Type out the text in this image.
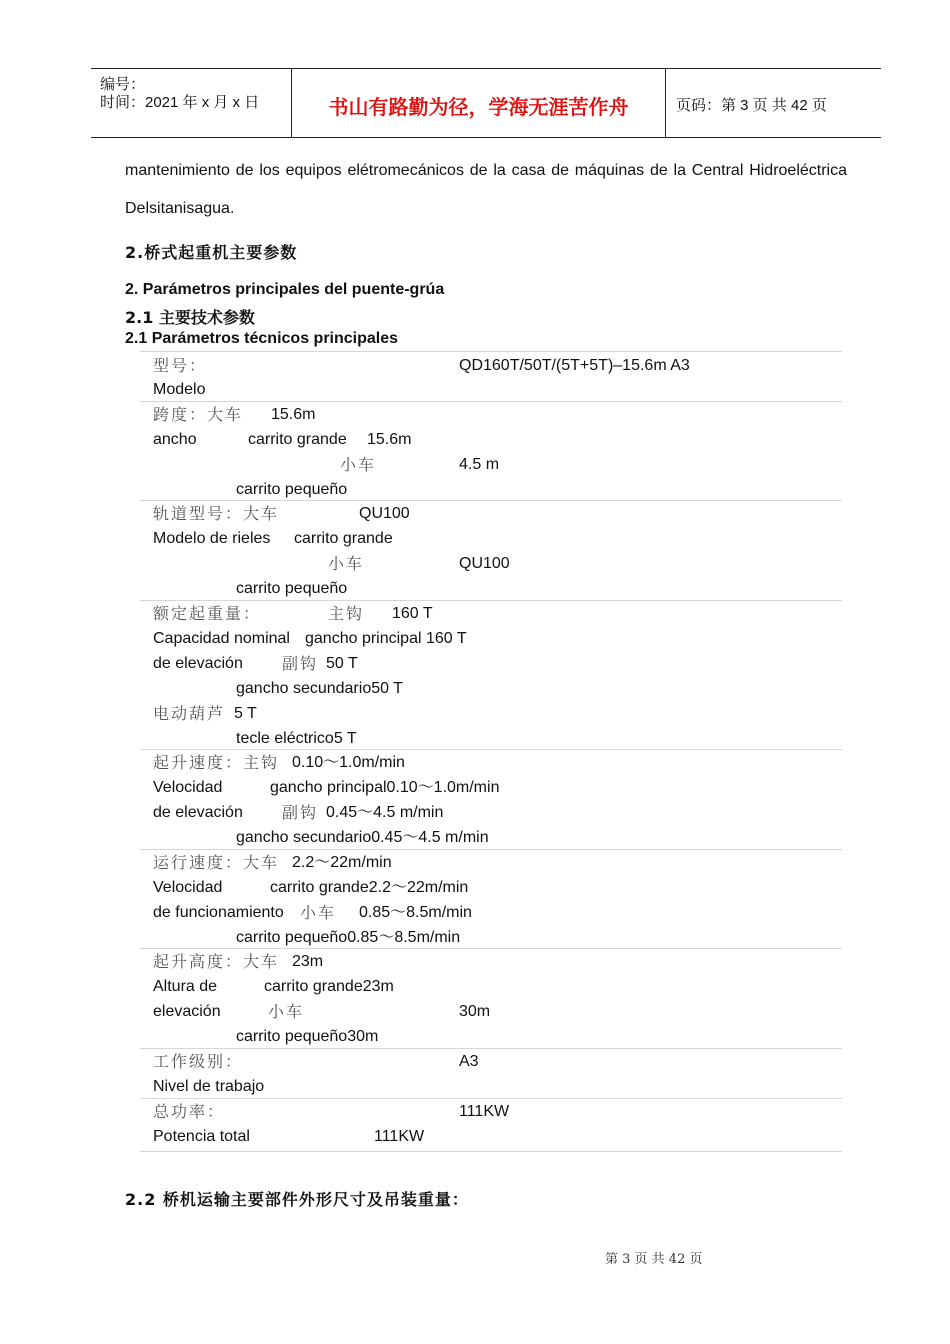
编号：
时间：2021 年 x 月 x 日	书山有路勤为径，学海无涯苦作舟	页码：第 3 页 共 42 页
mantenimiento de los equipos elétromecánicos de la casa de máquinas de la Central Hidroeléctrica
Delsitanisagua.
2.桥式起重机主要参数
2. Parámetros principales del puente-grúa
2.1 主要技术参数
2.1 Parámetros técnicos principales
型号：	QD160T/50T/(5T+5T)–15.6m A3
Modelo
跨度：大车 15.6m
ancho	carrito grande 15.6m
小车	4.5 m
carrito pequeño
轨道型号：大车	QU100
Modelo de rieles carrito grande
小车	QU100
carrito pequeño
额定起重量：	主钩 160 T
Capacidad nominal gancho principal 160 T
de elevación 副钩 50 T
gancho secundario50 T
电动葫芦 5 T
tecle eléctrico5 T
起升速度：主钩 0.10～1.0m/min
Velocidad	gancho principal0.10～1.0m/min
de elevación 副钩 0.45～4.5 m/min
gancho secundario0.45～4.5 m/min
运行速度：大车 2.2～22m/min
Velocidad	carrito grande2.2～22m/min
de funcionamiento 小车 0.85～8.5m/min
carrito pequeño0.85～8.5m/min
起升高度：大车 23m
Altura de	carrito grande23m
elevación	小车	30m
carrito pequeño30m
工作级别：	A3
Nivel de trabajo
总功率：	111KW
Potencia total	111KW
2.2 桥机运输主要部件外形尺寸及吊装重量：
第 3 页 共 42 页
